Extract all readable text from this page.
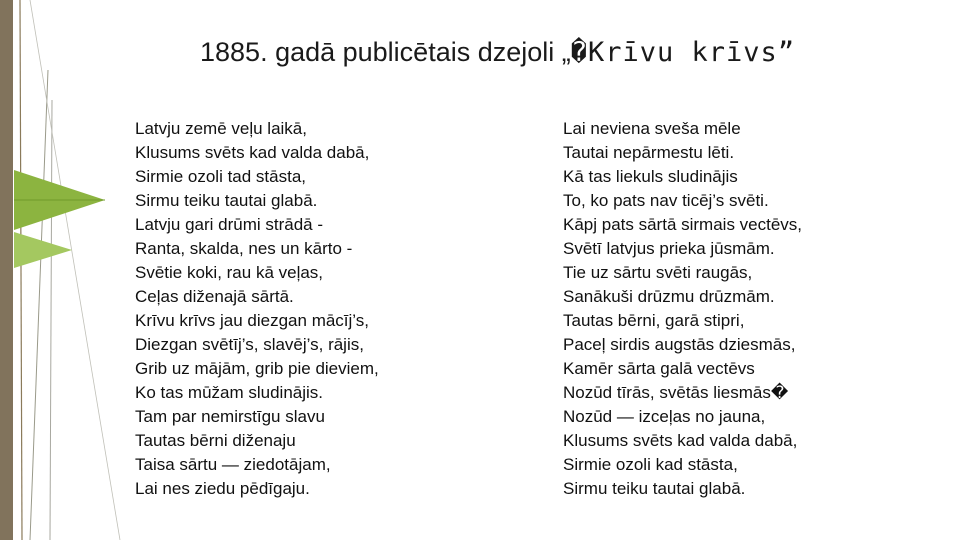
1885. gadā publicētais dzejoli „�Krīvu krīvs”
Latvju zemē veļu laikā,
Klusums svēts kad valda dabā,
Sirmie ozoli tad stāsta,
Sirmu teiku tautai glabā.
Latvju gari drūmi strādā -
Ranta, skalda, nes un kārto -
Svētie koki, rau kā veļas,
Ceļas diženajā sārtā.
Krīvu krīvs jau diezgan mācīj’s,
Diezgan svētīj’s, slavēj’s, rājis,
Grib uz mājām, grib pie dieviem,
Ko tas mūžam sludinājis.
Tam par nemirstīgu slavu
Tautas bērni diženaju
Taisa sārtu — ziedotājam,
Lai nes ziedu pēdīgaju.
Lai neviena sveša mēle
Tautai nepārmestu lēti.
Kā tas liekuls sludinājis
To, ko pats nav ticēj’s svēti.
Kāpj pats sārtā sirmais vectēvs,
Svētī latvjus prieka jūsmām.
Tie uz sārtu svēti raugās,
Sanākuši drūzmu drūzmām.
Tautas bērni, garā stipri,
Paceļ sirdis augstās dziesmās,
Kamēr sārta galā vectēvs
Nozūd tīrās, svētās liesmās�
Nozūd — izceļas no jauna,
Klusums svēts kad valda dabā,
Sirmie ozoli kad stāsta,
Sirmu teiku tautai glabā.
